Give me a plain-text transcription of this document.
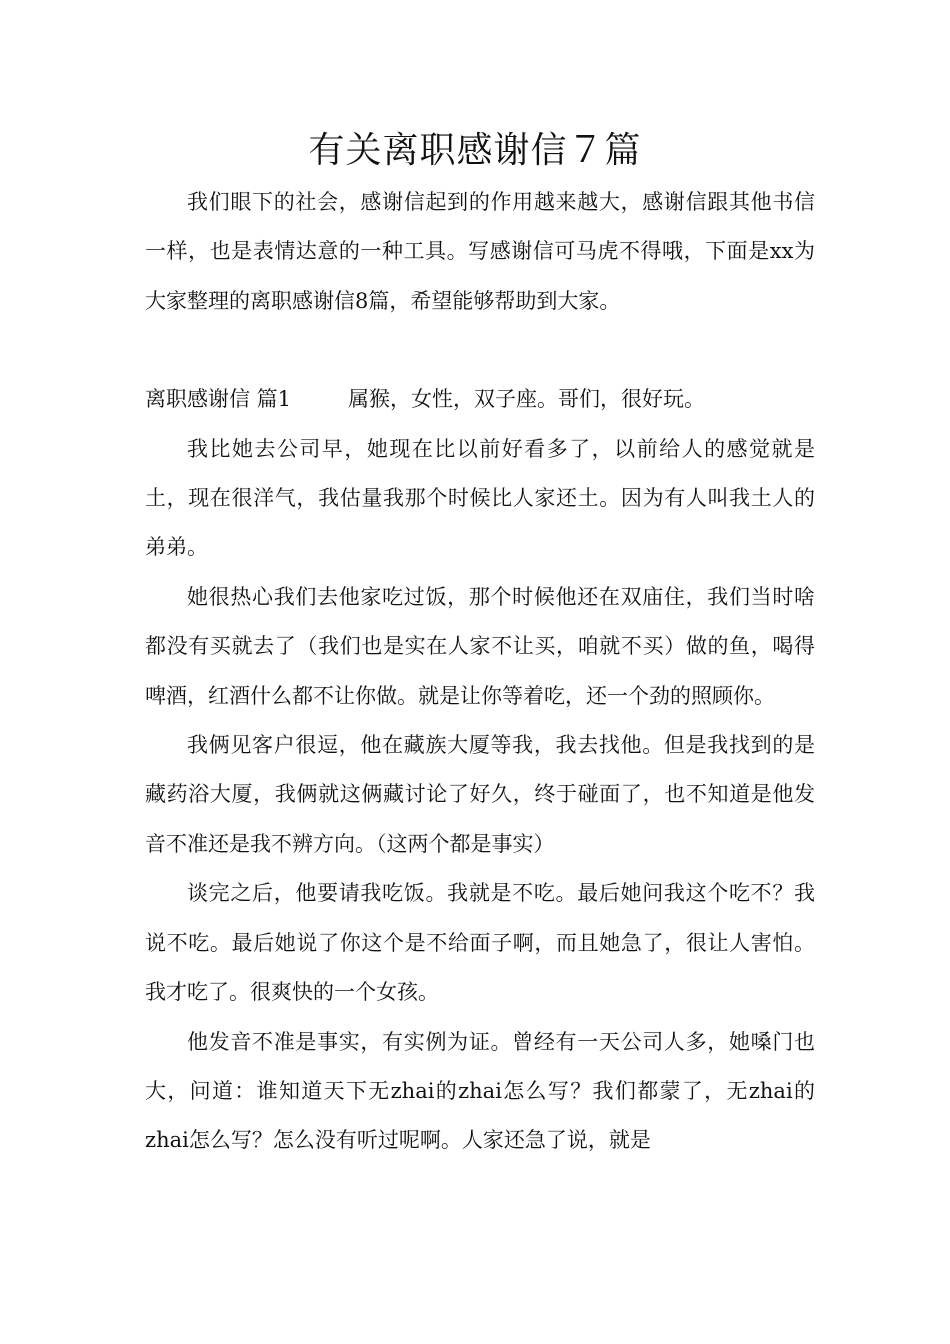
有关离职感谢信７篇

我们眼下的社会，感谢信起到的作用越来越大，感谢信跟其他书信一样，也是表情达意的一种工具。写感谢信可马虎不得哦，下面是xx为大家整理的离职感谢信8篇，希望能够帮助到大家。

离职感谢信 篇1	属猴，女性，双子座。哥们，很好玩。

我比她去公司早，她现在比以前好看多了，以前给人的感觉就是土，现在很洋气，我估量我那个时候比人家还土。因为有人叫我土人的弟弟。

她很热心我们去他家吃过饭，那个时候他还在双庙住，我们当时啥都没有买就去了（我们也是实在人家不让买，咱就不买）做的鱼，喝得啤酒，红酒什么都不让你做。就是让你等着吃，还一个劲的照顾你。

我俩见客户很逗，他在藏族大厦等我，我去找他。但是我找到的是藏药浴大厦，我俩就这俩藏讨论了好久，终于碰面了，也不知道是他发音不准还是我不辨方向。（这两个都是事实）

谈完之后，他要请我吃饭。我就是不吃。最后她问我这个吃不？我说不吃。最后她说了你这个是不给面子啊，而且她急了，很让人害怕。我才吃了。很爽快的一个女孩。

他发音不准是事实，有实例为证。曾经有一天公司人多，她嗓门也大，问道：谁知道天下无zhai的zhai怎么写？我们都蒙了，无zhai的zhai怎么写？怎么没有听过呢啊。人家还急了说，就是
